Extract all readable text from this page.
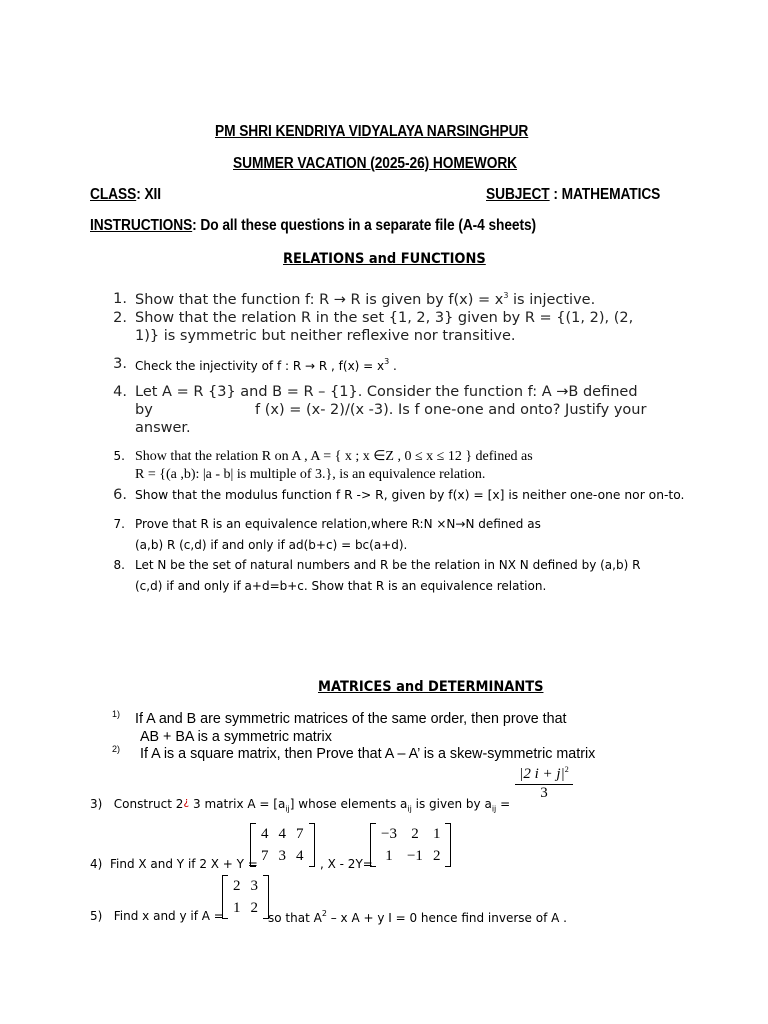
PM SHRI KENDRIYA VIDYALAYA NARSINGHPUR
SUMMER VACATION (2025-26) HOMEWORK
CLASS: XII	SUBJECT : MATHEMATICS
INSTRUCTIONS: Do all these questions in a separate file (A-4 sheets)
RELATIONS and FUNCTIONS
1. Show that the function f: R → R is given by $f(x) = x^3$ is injective.
2. Show that the relation R in the set {1, 2, 3} given by R = {(1, 2), (2,
1)} is symmetric but neither reflexive nor transitive.
3. Check the injectivity of f : R → R , $f(x) = x^3$ .
4. Let A = R {3} and B = R – {1}. Consider the function f: A →B defined
by	f (x) = (x- 2)/(x -3). Is f one-one and onto? Justify your
answer.
5. Show that the relation R on A , A = { x ; x ∈Z , 0 ≤ x ≤ 12 } defined as
R = {(a ,b): |a - b| is multiple of 3.}, is an equivalence relation.
6. Show that the modulus function f R -> R, given by f(x) = [x] is neither one-one nor on-to.
7. Prove that R is an equivalence relation,where R:N ×N→N defined as
(a,b) R (c,d) if and only if ad(b+c) = bc(a+d).
8. Let N be the set of natural numbers and R be the relation in NX N defined by (a,b) R
(c,d) if and only if a+d=b+c. Show that R is an equivalence relation.
MATRICES and DETERMINANTS
1) If A and B are symmetric matrices of the same order, then prove that
AB + BA is a symmetric matrix
2) If A is a square matrix, then Prove that A – A’ is a skew-symmetric matrix
3) Construct 2¿ 3 matrix $A = [a_{ij}]$ whose elements $a_{ij}$ is given by $a_{ij}$ =
$\frac{|2 i + j|^2}{3}$
4) Find X and Y if 2 X + Y =
4	4	7
7	3	4 , X - 2Y=
−3	2	1
1	−1	2
5) Find x and y if A =
2	3
1	2
so that $A^2$ – x A + y I = 0 hence find inverse of A .
